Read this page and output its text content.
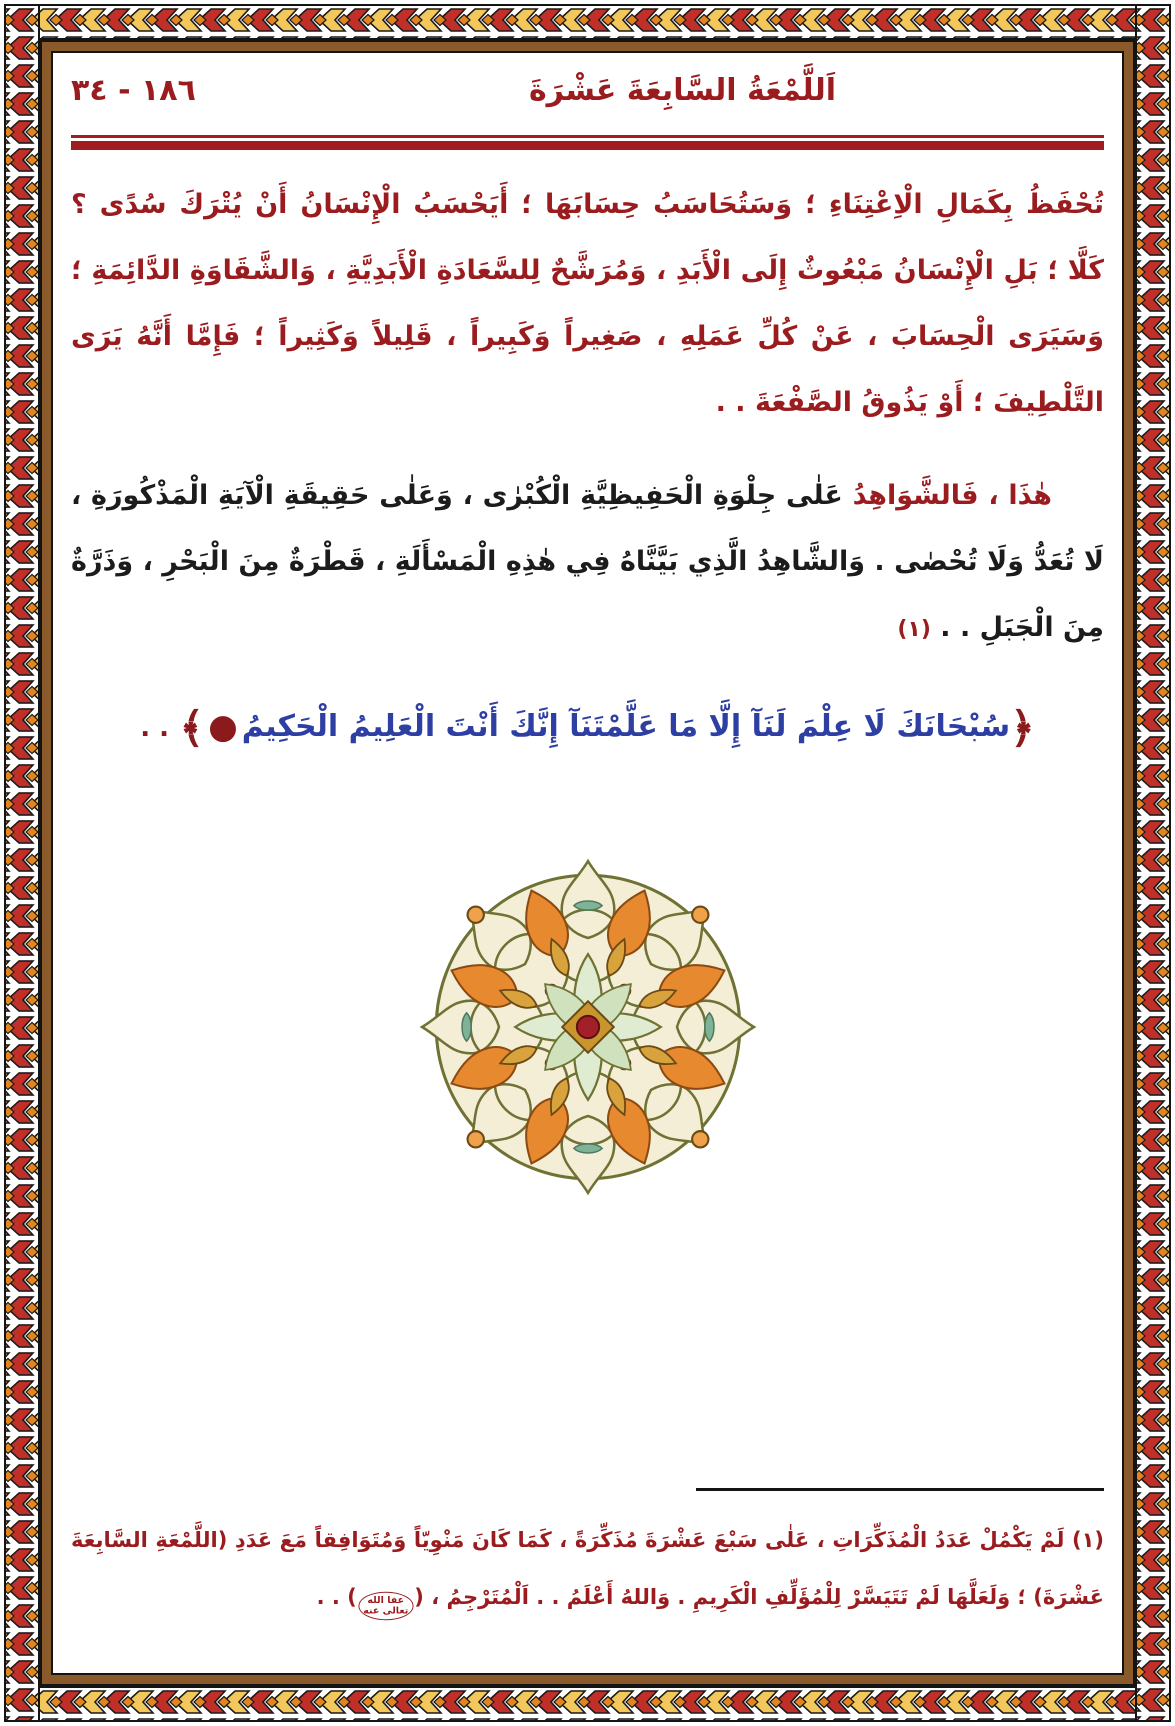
اَللَّمْعَةُ السَّابِعَةَ عَشْرَةَ
١٨٦ - ٣٤

تُحْفَظُ بِكَمَالِ الْاِعْتِنَاءِ ؛ وَسَتُحَاسَبُ حِسَابَهَا ؛ أَيَحْسَبُ الْإِنْسَانُ أَنْ يُتْرَكَ سُدًى ؟ كَلَّا ؛ بَلِ الْإِنْسَانُ مَبْعُوثٌ إِلَى الْأَبَدِ ، وَمُرَشَّحٌ لِلسَّعَادَةِ الْأَبَدِيَّةِ ، وَالشَّقَاوَةِ الدَّائِمَةِ ؛ وَسَيَرَى الْحِسَابَ ، عَنْ كُلِّ عَمَلِهِ ، صَغِيراً وَكَبِيراً ، قَلِيلاً وَكَثِيراً ؛ فَإِمَّا أَنَّهُ يَرَى التَّلْطِيفَ ؛ أَوْ يَذُوقُ الصَّفْعَةَ . .

هٰذَا ، فَالشَّوَاهِدُ عَلٰى جِلْوَةِ الْحَفِيظِيَّةِ الْكُبْرٰى ، وَعَلٰى حَقِيقَةِ الْآيَةِ الْمَذْكُورَةِ ، لَا تُعَدُّ وَلَا تُحْصٰى . وَالشَّاهِدُ الَّذِي بَيَّنَّاهُ فِي هٰذِهِ الْمَسْأَلَةِ ، قَطْرَةٌ مِنَ الْبَحْرِ ، وَذَرَّةٌ مِنَ الْجَبَلِ . . (١)

﴿سُبْحَانَكَ لَا عِلْمَ لَنَآ إِلَّا مَا عَلَّمْتَنَآ إِنَّكَ أَنْتَ الْعَلِيمُ الْحَكِيمُ●﴾ . .

(١) لَمْ يَكْمُلْ عَدَدُ الْمُذَكِّرَاتِ ، عَلٰى سَبْعَ عَشْرَةَ مُذَكِّرَةً ، كَمَا كَانَ مَنْوِيّاً وَمُتَوَافِقاً مَعَ عَدَدِ (اللَّمْعَةِ السَّابِعَةَ عَشْرَةَ) ؛ وَلَعَلَّهَا لَمْ تَتَيَسَّرْ لِلْمُؤَلِّفِ الْكَرِيمِ . وَاللهُ أَعْلَمُ . . اَلْمُتَرْجِمُ ، (
عفا الله
تعالى عنه
) . .
